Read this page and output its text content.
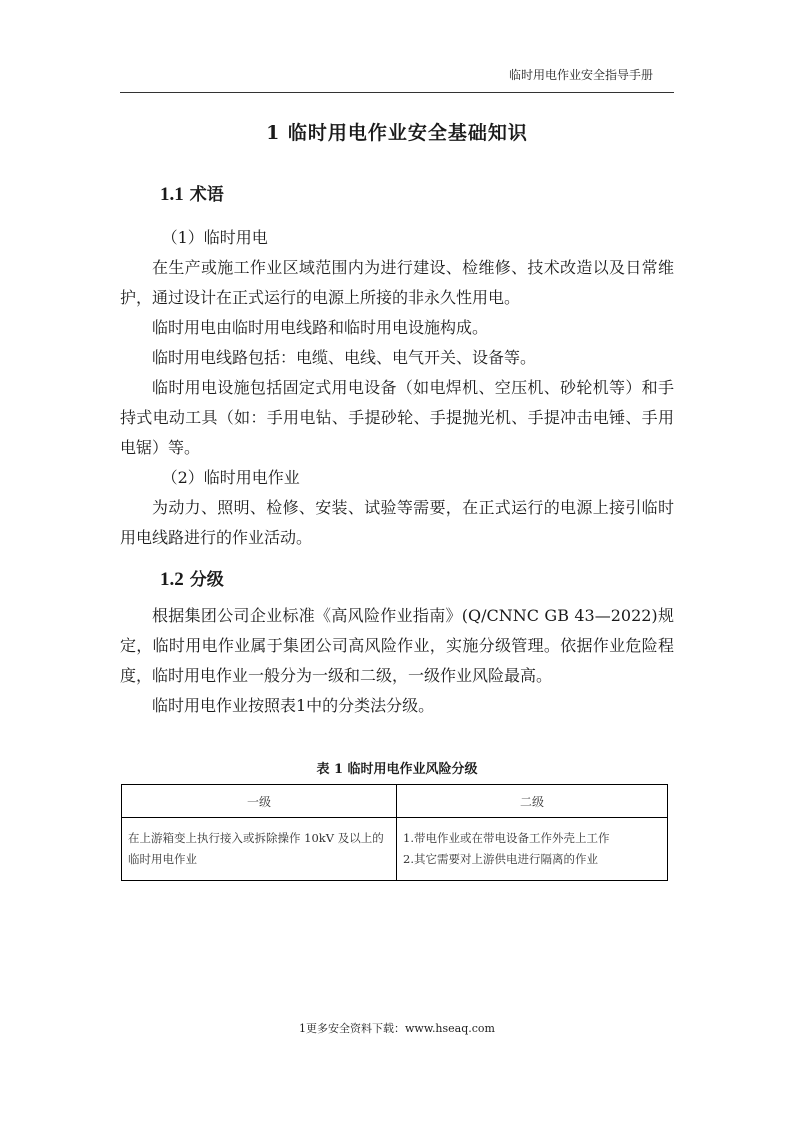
临时用电作业安全指导手册
1 临时用电作业安全基础知识
1.1 术语

（1）临时用电

在生产或施工作业区域范围内为进行建设、检维修、技术改造以及日常维护，通过设计在正式运行的电源上所接的非永久性用电。

临时用电由临时用电线路和临时用电设施构成。

临时用电线路包括：电缆、电线、电气开关、设备等。

临时用电设施包括固定式用电设备（如电焊机、空压机、砂轮机等）和手持式电动工具（如：手用电钻、手提砂轮、手提抛光机、手提冲击电锤、手用电锯）等。

（2）临时用电作业

为动力、照明、检修、安装、试验等需要，在正式运行的电源上接引临时用电线路进行的作业活动。

1.2 分级

根据集团公司企业标准《高风险作业指南》(Q/CNNC GB 43—2022)规定，临时用电作业属于集团公司高风险作业，实施分级管理。依据作业危险程度，临时用电作业一般分为一级和二级，一级作业风险最高。

临时用电作业按照表1中的分类法分级。

表 1 临时用电作业风险分级
一级	二级
在上游箱变上执行接入或拆除操作 10kV 及以上的临时用电作业	1.带电作业或在带电设备工作外壳上工作
2.其它需要对上游供电进行隔离的作业
1更多安全资料下载：www.hseaq.com
